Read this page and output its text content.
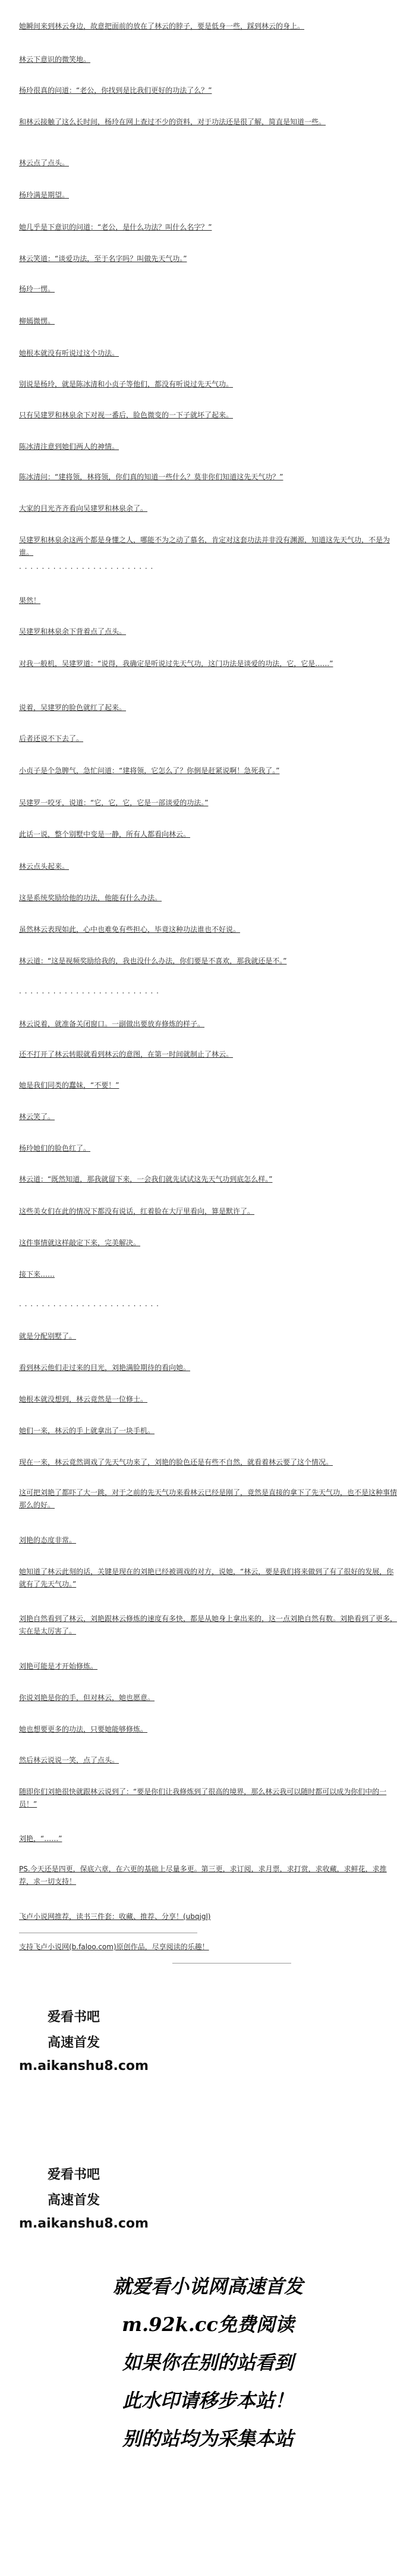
她瞬间来到林云身边，故意把面前的放在了林云的脖子，要是低身一些，踩到林云的身上。
林云下意识的微笑地。
杨玲很真的问道：“老公，你找到是比我们更好的功法了么？”
和林云接触了这么长时间，杨玲在网上查过不少的资料，对于功法还是很了解，简直是知道一些。
林云点了点头。
杨玲满是期望。
她几乎是下意识的问道：“老公，是什么功法？叫什么名字？”
林云笑道：“谈爱功法，至于名字吗？叫做先天气功。”
杨玲一愣。
柳嫣微愣。
她根本就没有听说过这个功法。
别说是杨玲，就是陈冰清和小贞子等他们，都没有听说过先天气功。
只有吴建罗和林泉余下对视一番后，脸色微变的一下子就坏了起来。
陈冰清注意到她们两人的神情。
陈冰清问：“建将领，林将领，你们真的知道一些什么？莫非你们知道这先天气功？”
大家的目光齐齐看向吴建罗和林泉余了。
吴建罗和林泉余这两个都是身懂之人，哪能不为之动了慕名，肯定对这套功法并非没有渊源，知道这先天气功，不是为谁。
果然！
吴建罗和林泉余下背着点了点头。
对我一般机，吴建罗道：“说得，我确定是听说过先天气功，这门功法是谈爱的功法，它，它是……”
说着，吴建罗的脸色就红了起来。
后者还说不下去了。
小贞子是个急脾气，急忙问道：“建将领，它怎么了？你倒是赶紧说啊！急死我了。”
吴建罗一咬牙，说道：“它，它，它，它是一部谈爱的功法。”
此话一说，整个别墅中变是一静，所有人都看向林云。
林云点头起来。
这是系统奖励给他的功法，他能有什么办法。
虽然林云表现如此，心中也难免有些担心，毕竟这种功法谁也不好说。
林云道：“这是视频奖励给我的，我也没什么办法，你们要是不喜欢，那我就还是不。”
林云说着，就准备关闭窗口。一副做出要放弃修炼的样子。
还不打开了林云转眼就看到林云的意图，在第一时间就制止了林云。
她是我们同类的蠢妹，“不要！”
林云笑了。
杨玲她们的脸色红了。
林云道：“既然知道，那我就留下来，一会我们就先试试这先天气功到底怎么样。”
这些美女们在此的情况下都没有说话，红着脸在大厅里看向，算是默许了。
这件事情就这样敲定下来，完美解决。
接下来……
就是分配别墅了。
看到林云他们走过来的目光，刘艳满脸期待的看向她。
她根本就没想到，林云竟然是一位修士。
她们一来，林云的手上就拿出了一块手机。
现在一来，林云竟然调戏了先天气功来了，刘艳的脸色还是有些不自然，就看着林云要了这个情况。
这可把刘艳了都吓了大一跳，对于之前的先天气功来看林云已经是刚了，竟然是直接的拿下了先天气功，也不是这种事情那么的好。
刘艳的态度非常。
她知道了林云此刻的话，关键是现在的刘艳已经被调戏的对方，说她，“林云，要是我们将来做到了有了很好的发展，你就有了先天气功。”
刘艳自然看到了林云，刘艳跟林云修炼的速度有多快，都是从她身上拿出来的，这一点刘艳自然有数。刘艳看到了更多，实在是太厉害了。
刘艳可能是才开始修炼。
你说刘艳是你的手，但对林云，她也愿意。
她也想要更多的功法，只要她能够修炼。
然后林云说说一笑，点了点头。
随即你们刘艳很快就跟林云说到了：“要是你们让我修炼到了很高的境界，那么林云我可以随时都可以成为你们中的一员！”
刘艳，“……”
PS.今天还是四更，保底六章，在六更的基础上尽量多更。第三更，求订阅，求月票，求打赏，求收藏，求鲜花，求推荐，求一切支持！
飞卢小说网推荐，读书三件套：收藏、推荐、分享！(ubqjgl)
支持飞卢小说网(b.faloo.com)原创作品，尽享阅读的乐趣！
· · · · · · · · · · · · · · · · · · · · · · · ·
· · · · · · · · · · · · · · · · · · · · · · · · ·
· · · · · · · · · · · · · · · · · · · · · · · · ·
爱看书吧
高速首发
m.aikanshu8.com
爱看书吧
高速首发
m.aikanshu8.com
就爱看小说网高速首发
m.92k.cc免费阅读
如果你在别的站看到
此水印请移步本站！
别的站均为采集本站
